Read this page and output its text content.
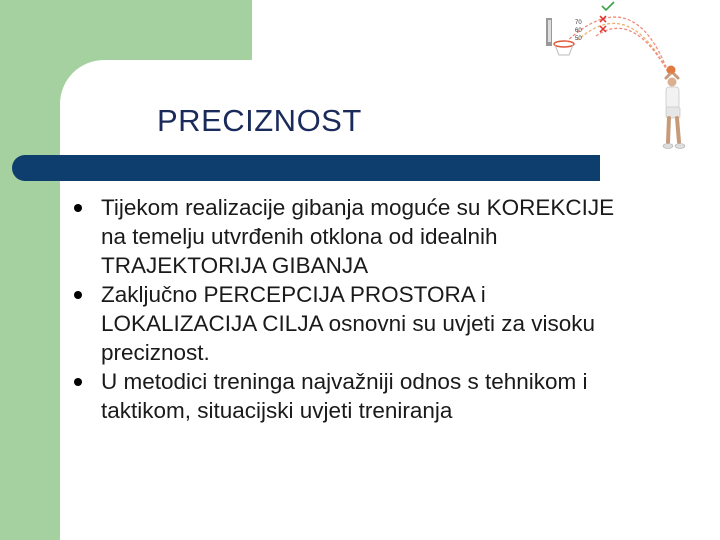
PRECIZNOST
Tijekom realizacije gibanja moguće su KOREKCIJE na temelju utvrđenih otklona od idealnih TRAJEKTORIJA GIBANJA
Zaključno PERCEPCIJA PROSTORA i LOKALIZACIJA CILJA osnovni su uvjeti za visoku preciznost.
U metodici treninga najvažniji odnos s tehnikom i taktikom, situacijski uvjeti treniranja
70
60
50
